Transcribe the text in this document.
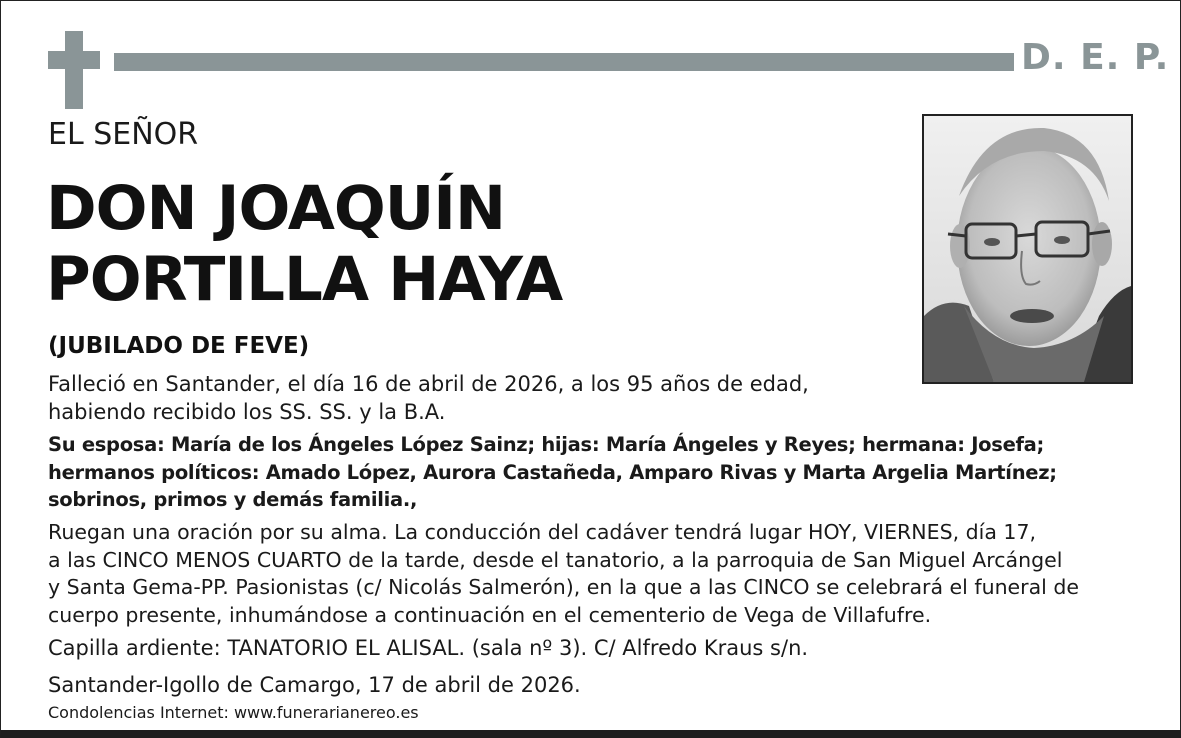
D. E. P.
EL SEÑOR
DON JOAQUÍN
PORTILLA HAYA
(JUBILADO DE FEVE)
Falleció en Santander, el día 16 de abril de 2026, a los 95 años de edad,
habiendo recibido los SS. SS. y la B.A.
Su esposa: María de los Ángeles López Sainz; hijas: María Ángeles y Reyes; hermana: Josefa;
hermanos políticos: Amado López, Aurora Castañeda, Amparo Rivas y Marta Argelia Martínez;
sobrinos, primos y demás familia.,
Ruegan una oración por su alma. La conducción del cadáver tendrá lugar HOY, VIERNES, día 17,
a las CINCO MENOS CUARTO de la tarde, desde el tanatorio, a la parroquia de San Miguel Arcángel
y Santa Gema-PP. Pasionistas (c/ Nicolás Salmerón), en la que a las CINCO se celebrará el funeral de
cuerpo presente, inhumándose a continuación en el cementerio de Vega de Villafufre.
Capilla ardiente: TANATORIO EL ALISAL. (sala nº 3). C/ Alfredo Kraus s/n.
Santander-Igollo de Camargo, 17 de abril de 2026.
Condolencias Internet: www.funerarianereo.es
